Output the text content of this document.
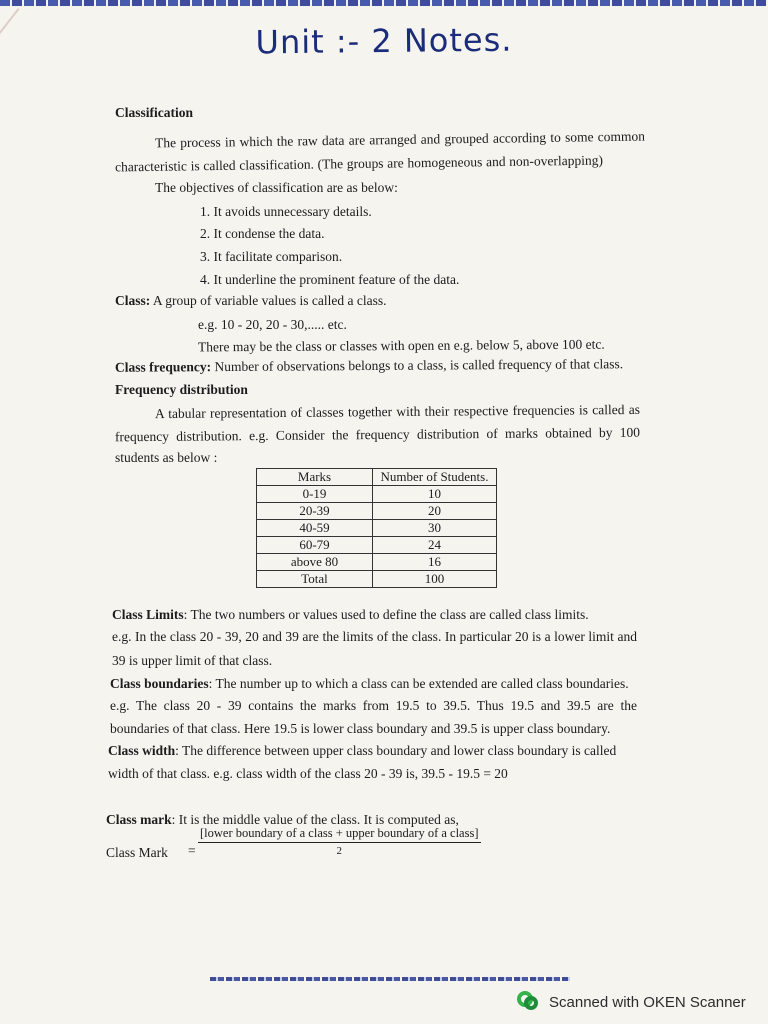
Unit :- 2 Notes.
Classification
The process in which the raw data are arranged and grouped according to some common
characteristic is called classification. (The groups are homogeneous and non-overlapping)
The objectives of classification are as below:
1. It avoids unnecessary details.
2. It condense the data.
3. It facilitate comparison.
4. It underline the prominent feature of the data.
Class: A group of variable values is called a class.
e.g. 10 - 20, 20 - 30,..... etc.
There may be the class or classes with open en e.g. below 5, above 100 etc.
Class frequency: Number of observations belongs to a class, is called frequency of that class.
Frequency distribution
A tabular representation of classes together with their respective frequencies is called as
frequency distribution. e.g. Consider the frequency distribution of marks obtained by 100
students as below :
Marks	Number of Students.
0-19	10
20-39	20
40-59	30
60-79	24
above 80	16
Total	100
Class Limits: The two numbers or values used to define the class are called class limits.
e.g. In the class 20 - 39, 20 and 39 are the limits of the class. In particular 20 is a lower limit and
39 is upper limit of that class.
Class boundaries: The number up to which a class can be extended are called class boundaries.
e.g. The class 20 - 39 contains the marks from 19.5 to 39.5. Thus 19.5 and 39.5 are the
boundaries of that class. Here 19.5 is lower class boundary and 39.5 is upper class boundary.
Class width: The difference between upper class boundary and lower class boundary is called
width of that class. e.g. class width of the class 20 - 39 is, 39.5 - 19.5 = 20
Class mark: It is the middle value of the class. It is computed as,
Class Mark =
[lower boundary of a class + upper boundary of a class]
2
Scanned with OKEN Scanner
